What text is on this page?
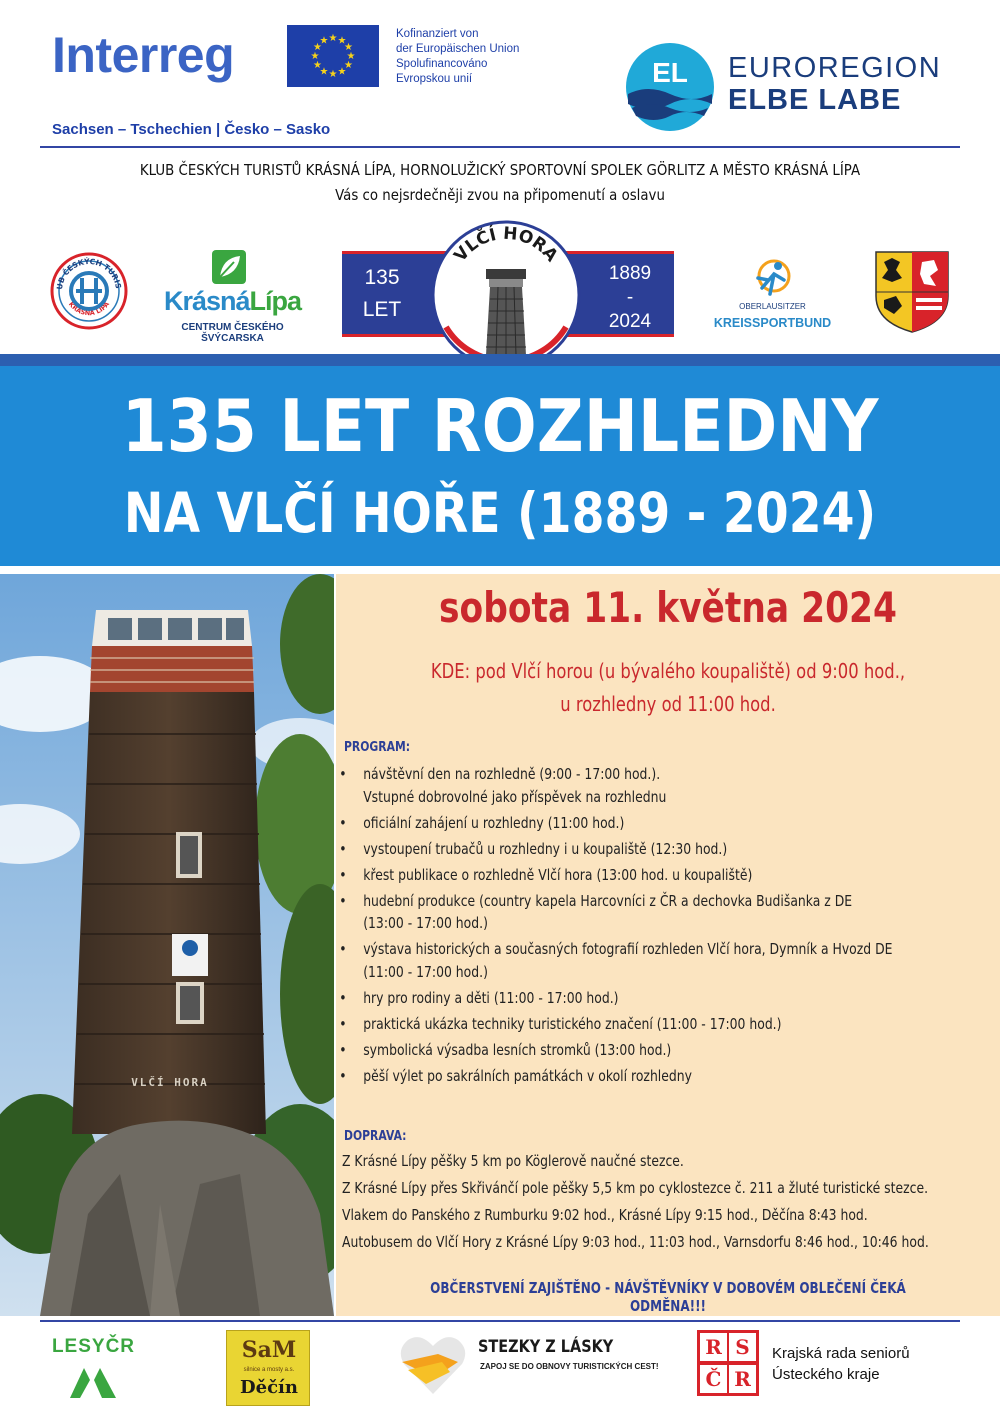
Interreg	★ ★
★
★
★
★
★
★
★
★
★
★
Kofinanziert von
der Europäischen Union
Spolufinancováno
Evropskou unií
Sachsen – Tschechien | Česko – Sasko
EL EUROREGION
ELBE LABE
KLUB ČESKÝCH TURISTŮ KRÁSNÁ LÍPA, HORNOLUŽICKÝ SPORTOVNÍ SPOLEK GÖRLITZ A MĚSTO KRÁSNÁ LÍPA
Vás co nejsrdečněji zvou na připomenutí a oslavu
UB ČESKÝCH TURIS
KRÁSNÁ LÍPA	KrásnáLípa
CENTRUM ČESKÉHO ŠVÝCARSKA
135
LET
1889
-
2024
VLČÍ HORA
OBERLAUSITZER
KREISSPORTBUND
135 LET ROZHLEDNY
NA VLČÍ HOŘE (1889 - 2024)
VLČÍ HORA
sobota 11. května 2024
KDE: pod Vlčí horou (u bývalého koupaliště) od 9:00 hod.,
u rozhledny od 11:00 hod.
PROGRAM:
• návštěvní den na rozhledně (9:00 - 17:00 hod.).
Vstupné dobrovolné jako příspěvek na rozhlednu
• oficiální zahájení u rozhledny (11:00 hod.)
• vystoupení trubačů u rozhledny i u koupaliště (12:30 hod.)
• křest publikace o rozhledně Vlčí hora (13:00 hod. u koupaliště)
• hudební produkce (country kapela Harcovníci z ČR a dechovka Budišanka z DE
(13:00 - 17:00 hod.)
• výstava historických a současných fotografií rozhleden Vlčí hora, Dymník a Hvozd DE
(11:00 - 17:00 hod.)
• hry pro rodiny a děti (11:00 - 17:00 hod.)
• praktická ukázka techniky turistického značení (11:00 - 17:00 hod.)
• symbolická výsadba lesních stromků (13:00 hod.)
• pěší výlet po sakrálních památkách v okolí rozhledny
DOPRAVA:
Z Krásné Lípy pěšky 5 km po Köglerově naučné stezce.
Z Krásné Lípy přes Skřivánčí pole pěšky 5,5 km po cyklostezce č. 211 a žluté turistické stezce.
Vlakem do Panského z Rumburku 9:02 hod., Krásné Lípy 9:15 hod., Děčína 8:43 hod.
Autobusem do Vlčí Hory z Krásné Lípy 9:03 hod., 11:03 hod., Varnsdorfu 8:46 hod., 10:46 hod.
OBČERSTVENÍ ZAJIŠTĚNO - NÁVŠTĚVNÍKY V DOBOVÉM OBLEČENÍ ČEKÁ ODMĚNA!!!
LESYČR	SaM
silnice a mosty a.s.
Děčín
STEZKY Z LÁSKY
ZAPOJ SE DO OBNOVY TURISTICKÝCH CEST!
R S
Č R
Krajská rada seniorů
Ústeckého kraje
